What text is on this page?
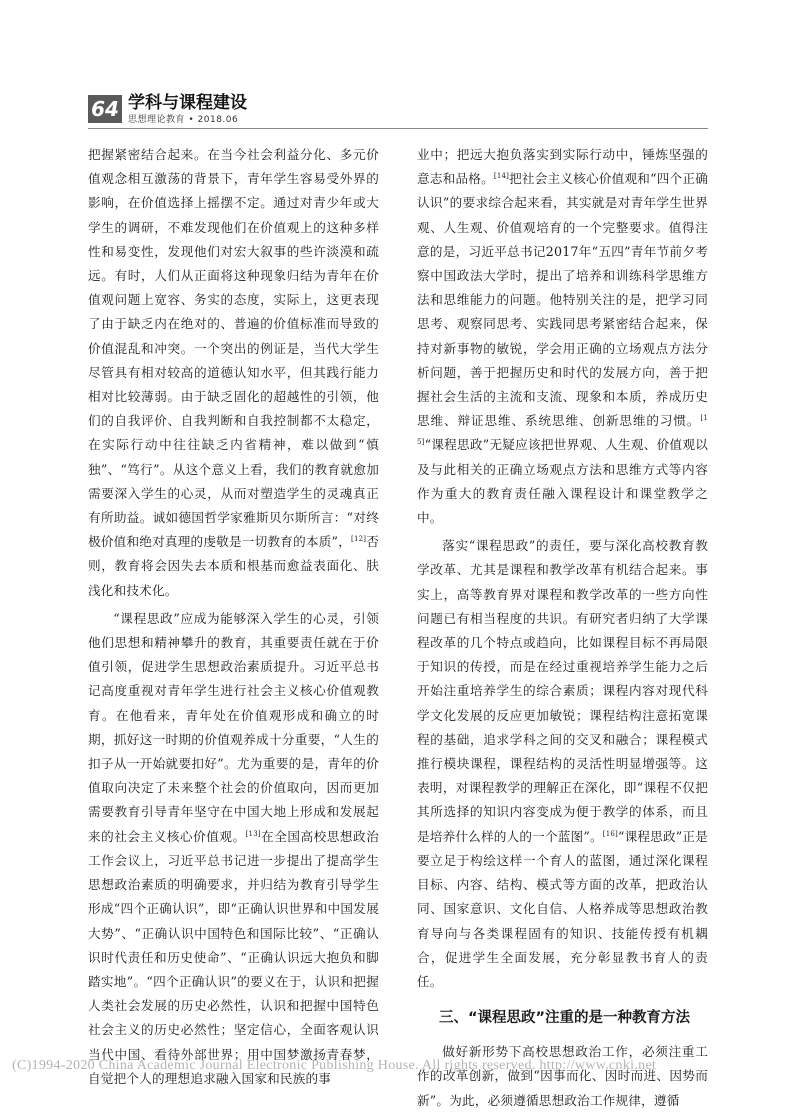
64 学科与课程建设
思想理论教育 • 2018.06

把握紧密结合起来。在当今社会利益分化、多元价值观念相互激荡的背景下，青年学生容易受外界的影响，在价值选择上摇摆不定。通过对青少年或大学生的调研，不难发现他们在价值观上的这种多样性和易变性，发现他们对宏大叙事的些许淡漠和疏远。有时，人们从正面将这种现象归结为青年在价值观问题上宽容、务实的态度，实际上，这更表现了由于缺乏内在绝对的、普遍的价值标准而导致的价值混乱和冲突。一个突出的例证是，当代大学生尽管具有相对较高的道德认知水平，但其践行能力相对比较薄弱。由于缺乏固化的超越性的引领，他们的自我评价、自我判断和自我控制都不太稳定，在实际行动中往往缺乏内省精神，难以做到“慎独”、“笃行”。从这个意义上看，我们的教育就愈加需要深入学生的心灵，从而对塑造学生的灵魂真正有所助益。诚如德国哲学家雅斯贝尔斯所言：“对终极价值和绝对真理的虔敬是一切教育的本质”，[12]否则，教育将会因失去本质和根基而愈益表面化、肤浅化和技术化。

“课程思政”应成为能够深入学生的心灵，引领他们思想和精神攀升的教育，其重要责任就在于价值引领，促进学生思想政治素质提升。习近平总书记高度重视对青年学生进行社会主义核心价值观教育。在他看来，青年处在价值观形成和确立的时期，抓好这一时期的价值观养成十分重要，“人生的扣子从一开始就要扣好”。尤为重要的是，青年的价值取向决定了未来整个社会的价值取向，因而更加需要教育引导青年坚守在中国大地上形成和发展起来的社会主义核心价值观。[13]在全国高校思想政治工作会议上，习近平总书记进一步提出了提高学生思想政治素质的明确要求，并归结为教育引导学生形成“四个正确认识”，即“正确认识世界和中国发展大势”、“正确认识中国特色和国际比较”、“正确认识时代责任和历史使命”、“正确认识远大抱负和脚踏实地”。“四个正确认识”的要义在于，认识和把握人类社会发展的历史必然性，认识和把握中国特色社会主义的历史必然性；坚定信心，全面客观认识当代中国、看待外部世界；用中国梦激扬青春梦，自觉把个人的理想追求融入国家和民族的事

业中；把远大抱负落实到实际行动中，锤炼坚强的意志和品格。[14]把社会主义核心价值观和“四个正确认识”的要求综合起来看，其实就是对青年学生世界观、人生观、价值观培育的一个完整要求。值得注意的是，习近平总书记2017年“五四”青年节前夕考察中国政法大学时，提出了培养和训练科学思维方法和思维能力的问题。他特别关注的是，把学习同思考、观察同思考、实践同思考紧密结合起来，保持对新事物的敏锐，学会用正确的立场观点方法分析问题，善于把握历史和时代的发展方向，善于把握社会生活的主流和支流、现象和本质，养成历史思维、辩证思维、系统思维、创新思维的习惯。[15]“课程思政”无疑应该把世界观、人生观、价值观以及与此相关的正确立场观点方法和思维方式等内容作为重大的教育责任融入课程设计和课堂教学之中。

落实“课程思政”的责任，要与深化高校教育教学改革、尤其是课程和教学改革有机结合起来。事实上，高等教育界对课程和教学改革的一些方向性问题已有相当程度的共识。有研究者归纳了大学课程改革的几个特点或趋向，比如课程目标不再局限于知识的传授，而是在经过重视培养学生能力之后开始注重培养学生的综合素质；课程内容对现代科学文化发展的反应更加敏锐；课程结构注意拓宽课程的基础，追求学科之间的交叉和融合；课程模式推行模块课程，课程结构的灵活性明显增强等。这表明，对课程教学的理解正在深化，即“课程不仅把其所选择的知识内容变成为便于教学的体系，而且是培养什么样的人的一个蓝图”。[16]“课程思政”正是要立足于构绘这样一个育人的蓝图，通过深化课程目标、内容、结构、模式等方面的改革，把政治认同、国家意识、文化自信、人格养成等思想政治教育导向与各类课程固有的知识、技能传授有机耦合，促进学生全面发展，充分彰显教书育人的责任。

三、“课程思政”注重的是一种教育方法

做好新形势下高校思想政治工作，必须注重工作的改革创新，做到“因事而化、因时而进、因势而新”。为此，必须遵循思想政治工作规律，遵循

(C)1994-2020 China Academic Journal Electronic Publishing House. All rights reserved. http://www.cnki.net
